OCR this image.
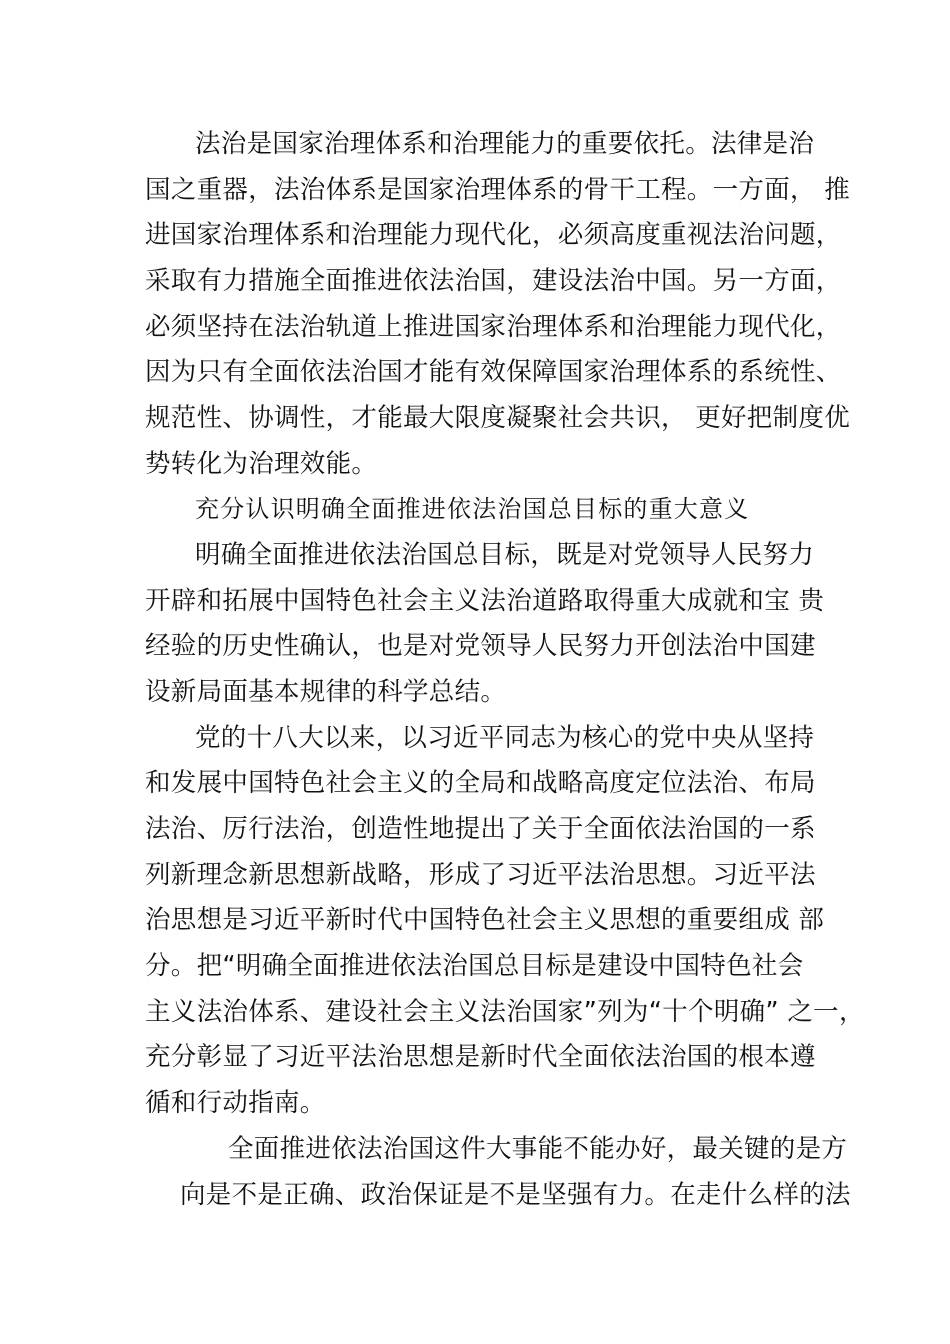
法治是国家治理体系和治理能力的重要依托。法律是治
国之重器，法治体系是国家治理体系的骨干工程。一方面， 推
进国家治理体系和治理能力现代化，必须高度重视法治问题，
采取有力措施全面推进依法治国，建设法治中国。另一方面，
必须坚持在法治轨道上推进国家治理体系和治理能力现代化，
因为只有全面依法治国才能有效保障国家治理体系的系统性、
规范性、协调性，才能最大限度凝聚社会共识， 更好把制度优
势转化为治理效能。
充分认识明确全面推进依法治国总目标的重大意义
明确全面推进依法治国总目标，既是对党领导人民努力
开辟和拓展中国特色社会主义法治道路取得重大成就和宝 贵
经验的历史性确认，也是对党领导人民努力开创法治中国建
设新局面基本规律的科学总结。
党的十八大以来，以习近平同志为核心的党中央从坚持
和发展中国特色社会主义的全局和战略高度定位法治、布局
法治、厉行法治，创造性地提出了关于全面依法治国的一系
列新理念新思想新战略，形成了习近平法治思想。习近平法
治思想是习近平新时代中国特色社会主义思想的重要组成 部
分。把“明确全面推进依法治国总目标是建设中国特色社会
主义法治体系、建设社会主义法治国家”列为“十个明确” 之一，
充分彰显了习近平法治思想是新时代全面依法治国的根本遵
循和行动指南。
全面推进依法治国这件大事能不能办好，最关键的是方
向是不是正确、政治保证是不是坚强有力。在走什么样的法
